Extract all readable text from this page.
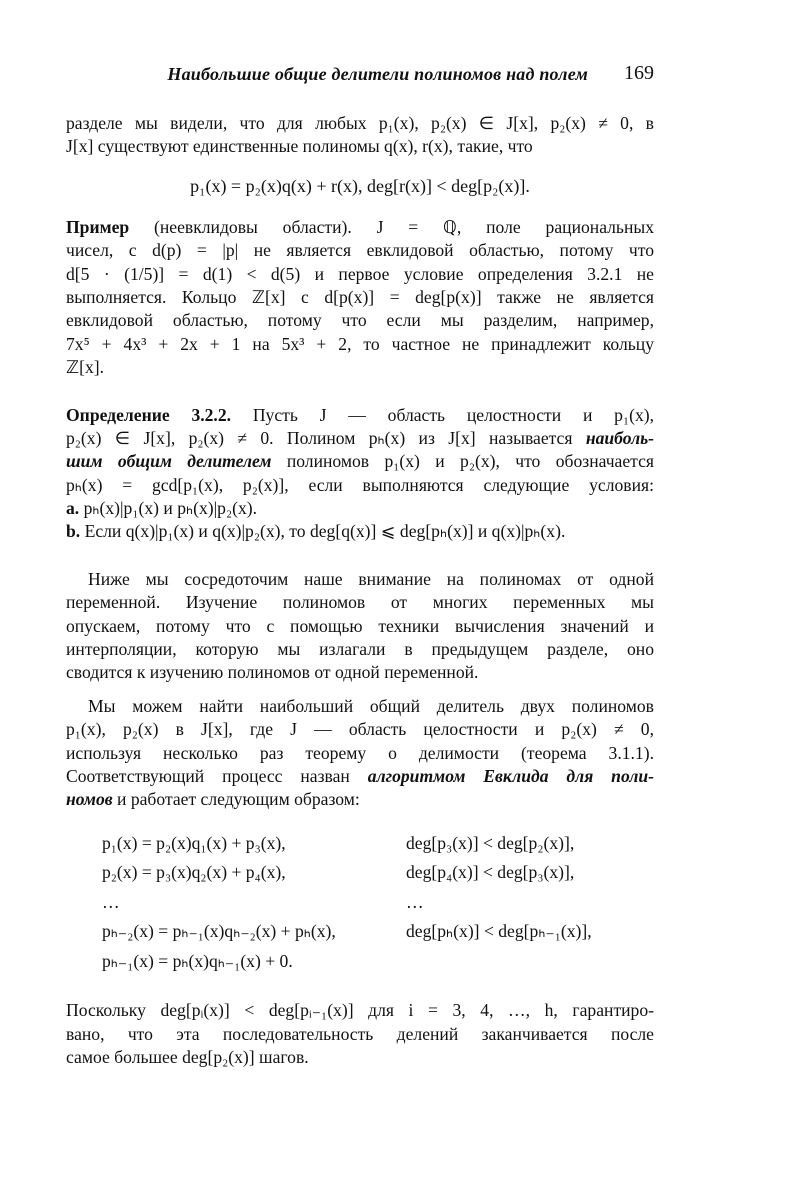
Наибольшие общие делители полиномов над полем 169
разделе мы видели, что для любых p₁(x), p₂(x) ∈ J[x], p₂(x) ≠ 0, в
J[x] существуют единственные полиномы q(x), r(x), такие, что
p₁(x) = p₂(x)q(x) + r(x), deg[r(x)] < deg[p₂(x)].
Пример (неевклидовы области). J = ℚ, поле рациональных
чисел, с d(p) = |p| не является евклидовой областью, потому что
d[5 · (1/5)] = d(1) < d(5) и первое условие определения 3.2.1 не
выполняется. Кольцо ℤ[x] с d[p(x)] = deg[p(x)] также не является
евклидовой областью, потому что если мы разделим, например,
7x⁵ + 4x³ + 2x + 1 на 5x³ + 2, то частное не принадлежит кольцу
ℤ[x].
Определение 3.2.2. Пусть J — область целостности и p₁(x),
p₂(x) ∈ J[x], p₂(x) ≠ 0. Полином pₕ(x) из J[x] называется наиболь-
шим общим делителем полиномов p₁(x) и p₂(x), что обозначается
pₕ(x) = gcd[p₁(x), p₂(x)], если выполняются следующие условия:
a. pₕ(x)|p₁(x) и pₕ(x)|p₂(x).
b. Если q(x)|p₁(x) и q(x)|p₂(x), то deg[q(x)] ⩽ deg[pₕ(x)] и q(x)|pₕ(x).
Ниже мы сосредоточим наше внимание на полиномах от одной
переменной. Изучение полиномов от многих переменных мы
опускаем, потому что с помощью техники вычисления значений и
интерполяции, которую мы излагали в предыдущем разделе, оно
сводится к изучению полиномов от одной переменной.
Мы можем найти наибольший общий делитель двух полиномов
p₁(x), p₂(x) в J[x], где J — область целостности и p₂(x) ≠ 0,
используя несколько раз теорему о делимости (теорема 3.1.1).
Соответствующий процесс назван алгоритмом Евклида для поли-
номов и работает следующим образом:
p₁(x) = p₂(x)q₁(x) + p₃(x),	deg[p₃(x)] < deg[p₂(x)],
p₂(x) = p₃(x)q₂(x) + p₄(x),	deg[p₄(x)] < deg[p₃(x)],
…	…
pₕ₋₂(x) = pₕ₋₁(x)qₕ₋₂(x) + pₕ(x),	deg[pₕ(x)] < deg[pₕ₋₁(x)],
pₕ₋₁(x) = pₕ(x)qₕ₋₁(x) + 0.
Поскольку deg[pᵢ(x)] < deg[pᵢ₋₁(x)] для i = 3, 4, …, h, гарантиро-
вано, что эта последовательность делений заканчивается после
самое большее deg[p₂(x)] шагов.
